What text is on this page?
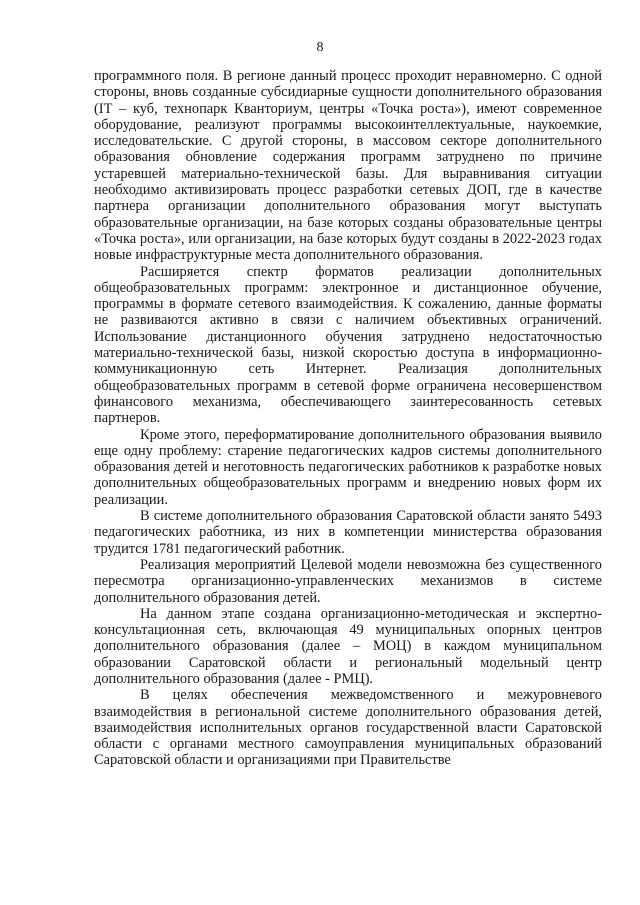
8

программного поля. В регионе данный процесс проходит неравномерно. С одной стороны, вновь созданные субсидиарные сущности дополнительного образования (IT – куб, технопарк Кванториум, центры «Точка роста»), имеют современное оборудование, реализуют программы высокоинтеллектуальные, наукоемкие, исследовательские. С другой стороны, в массовом секторе дополнительного образования обновление содержания программ затруднено по причине устаревшей материально-технической базы. Для выравнивания ситуации необходимо активизировать процесс разработки сетевых ДОП, где в качестве партнера организации дополнительного образования могут выступать образовательные организации, на базе которых созданы образовательные центры «Точка роста», или организации, на базе которых будут созданы в 2022-2023 годах новые инфраструктурные места дополнительного образования.

Расширяется спектр форматов реализации дополнительных общеобразовательных программ: электронное и дистанционное обучение, программы в формате сетевого взаимодействия. К сожалению, данные форматы не развиваются активно в связи с наличием объективных ограничений. Использование дистанционного обучения затруднено недостаточностью материально-технической базы, низкой скоростью доступа в информационно-коммуникационную сеть Интернет. Реализация дополнительных общеобразовательных программ в сетевой форме ограничена несовершенством финансового механизма, обеспечивающего заинтересованность сетевых партнеров.

Кроме этого, переформатирование дополнительного образования выявило еще одну проблему: старение педагогических кадров системы дополнительного образования детей и неготовность педагогических работников к разработке новых дополнительных общеобразовательных программ и внедрению новых форм их реализации.

В системе дополнительного образования Саратовской области занято 5493 педагогических работника, из них в компетенции министерства образования трудится 1781 педагогический работник.

Реализация мероприятий Целевой модели невозможна без существенного пересмотра организационно-управленческих механизмов в системе дополнительного образования детей.

На данном этапе создана организационно-методическая и экспертно-консультационная сеть, включающая 49 муниципальных опорных центров дополнительного образования (далее – МОЦ) в каждом муниципальном образовании Саратовской области и региональный модельный центр дополнительного образования (далее - РМЦ).

В целях обеспечения межведомственного и межуровневого взаимодействия в региональной системе дополнительного образования детей, взаимодействия исполнительных органов государственной власти Саратовской области с органами местного самоуправления муниципальных образований Саратовской области и организациями при Правительстве
